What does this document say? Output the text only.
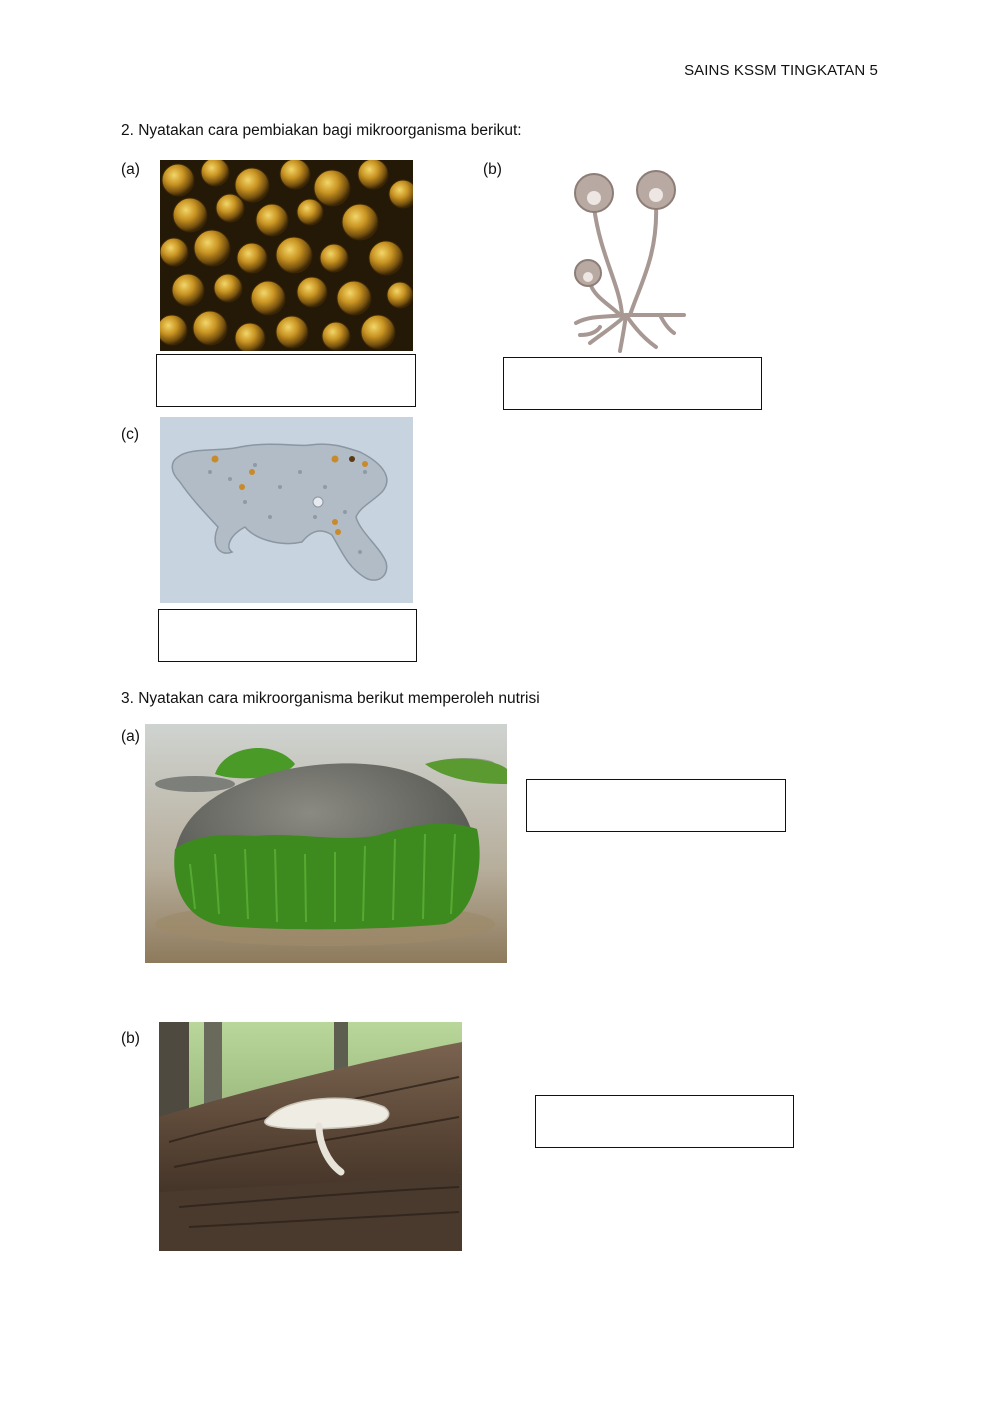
SAINS KSSM TINGKATAN 5
2. Nyatakan cara pembiakan bagi mikroorganisma berikut:
(a)	(b)
(c)
3. Nyatakan cara mikroorganisma berikut memperoleh nutrisi
(a)
(b)
